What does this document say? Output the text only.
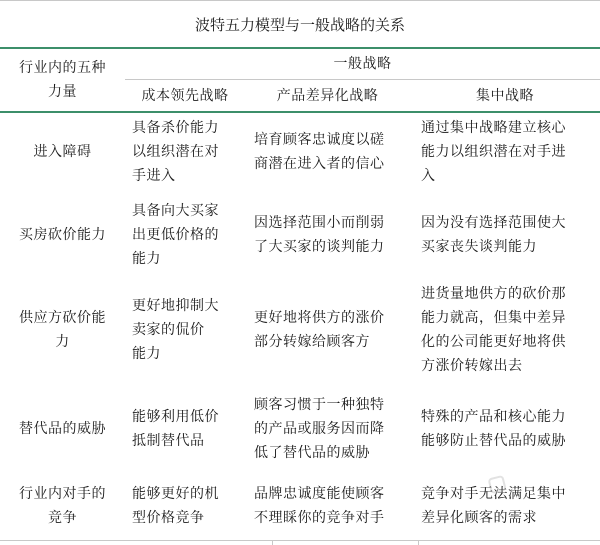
波特五力模型与一般战略的关系
行业内的五种
力量
一般战略
成本领先战略	产品差异化战略	集中战略
进入障碍
具备杀价能力
以组织潜在对
手进入
培育顾客忠诚度以磋
商潜在进入者的信心
通过集中战略建立核心
能力以组织潜在对手进
入
买房砍价能力
具备向大买家
出更低价格的
能力
因选择范围小而削弱
了大买家的谈判能力
因为没有选择范围使大
买家丧失谈判能力
供应方砍价能
力
更好地抑制大
卖家的侃价
能力
更好地将供方的涨价
部分转嫁给顾客方
进货量地供方的砍价那
能力就高，但集中差异
化的公司能更好地将供
方涨价转嫁出去
替代品的威胁
能够利用低价
抵制替代品
顾客习惯于一种独特
的产品或服务因而降
低了替代品的威胁
特殊的产品和核心能力
能够防止替代品的威胁
行业内对手的
竞争
能够更好的机
型价格竞争
品牌忠诚度能使顾客
不理睬你的竞争对手
竞争对手无法满足集中
差异化顾客的需求
